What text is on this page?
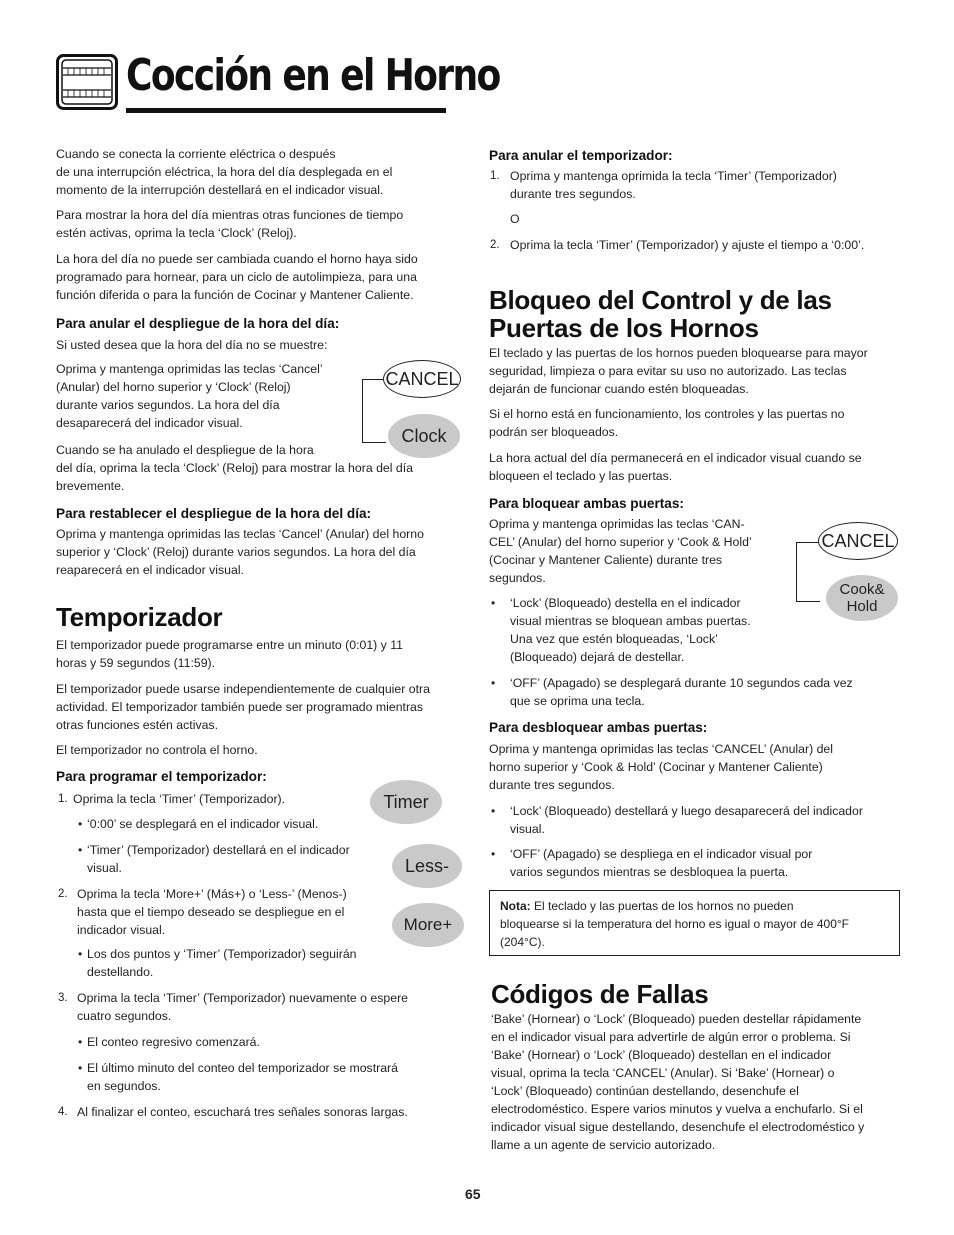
Cocción en el Horno
Cuando se conecta la corriente eléctrica o después
de una interrupción eléctrica, la hora del día desplegada en el
momento de la interrupción destellará en el indicador visual.
Para mostrar la hora del día mientras otras funciones de tiempo
estén activas, oprima la tecla ‘Clock’ (Reloj).
La hora del día no puede ser cambiada cuando el horno haya sido
programado para hornear, para un ciclo de autolimpieza, para una
función diferida o para la función de Cocinar y Mantener Caliente.
Para anular el despliegue de la hora del día:
Si usted desea que la hora del día no se muestre:
Oprima y mantenga oprimidas las teclas ‘Cancel’
(Anular) del horno superior y ‘Clock’ (Reloj)
durante varios segundos. La hora del día
desaparecerá del indicador visual.
Cuando se ha anulado el despliegue de la hora
del día, oprima la tecla ‘Clock’ (Reloj) para mostrar la hora del día
brevemente.
CANCEL
Clock
Para restablecer el despliegue de la hora del día:
Oprima y mantenga oprimidas las teclas ‘Cancel’ (Anular) del horno
superior y ‘Clock’ (Reloj) durante varios segundos. La hora del día
reaparecerá en el indicador visual.
Temporizador
El temporizador puede programarse entre un minuto (0:01) y 11
horas y 59 segundos (11:59).
El temporizador puede usarse independientemente de cualquier otra
actividad. El temporizador también puede ser programado mientras
otras funciones estén activas.
El temporizador no controla el horno.
Para programar el temporizador:
1. Oprima la tecla ‘Timer’ (Temporizador).
• ‘0:00’ se desplegará en el indicador visual.
• ‘Timer’ (Temporizador) destellará en el indicador
visual.
2. Oprima la tecla ‘More+’ (Más+) o ‘Less-’ (Menos-)
hasta que el tiempo deseado se despliegue en el
indicador visual.
• Los dos puntos y ‘Timer’ (Temporizador) seguirán
destellando.
3. Oprima la tecla ‘Timer’ (Temporizador) nuevamente o espere
cuatro segundos.
• El conteo regresivo comenzará.
• El último minuto del conteo del temporizador se mostrará
en segundos.
4. Al finalizar el conteo, escuchará tres señales sonoras largas.
Timer
Less-
More+
Para anular el temporizador:
1. Oprima y mantenga oprimida la tecla ‘Timer’ (Temporizador)
durante tres segundos.
O
2. Oprima la tecla ‘Timer’ (Temporizador) y ajuste el tiempo a ‘0:00’.
Bloqueo del Control y de las
Puertas de los Hornos
El teclado y las puertas de los hornos pueden bloquearse para mayor
seguridad, limpieza o para evitar su uso no autorizado. Las teclas
dejarán de funcionar cuando estén bloqueadas.
Si el horno está en funcionamiento, los controles y las puertas no
podrán ser bloqueados.
La hora actual del día permanecerá en el indicador visual cuando se
bloqueen el teclado y las puertas.
Para bloquear ambas puertas:
Oprima y mantenga oprimidas las teclas ‘CAN-
CEL’ (Anular) del horno superior y ‘Cook & Hold’
(Cocinar y Mantener Caliente) durante tres
segundos.
• ‘Lock’ (Bloqueado) destella en el indicador
visual mientras se bloquean ambas puertas.
Una vez que estén bloqueadas, ‘Lock’
(Bloqueado) dejará de destellar.
• ‘OFF’ (Apagado) se desplegará durante 10 segundos cada vez
que se oprima una tecla.
CANCEL
Cook&
Hold
Para desbloquear ambas puertas:
Oprima y mantenga oprimidas las teclas ‘CANCEL’ (Anular) del
horno superior y ‘Cook & Hold’ (Cocinar y Mantener Caliente)
durante tres segundos.
• ‘Lock’ (Bloqueado) destellará y luego desaparecerá del indicador
visual.
• ‘OFF’ (Apagado) se despliega en el indicador visual por
varios segundos mientras se desbloquea la puerta.
Nota: El teclado y las puertas de los hornos no pueden
bloquearse si la temperatura del horno es igual o mayor de 400°F
(204°C).
Códigos de Fallas
‘Bake’ (Hornear) o ‘Lock’ (Bloqueado) pueden destellar rápidamente
en el indicador visual para advertirle de algún error o problema. Si
‘Bake’ (Hornear) o ‘Lock’ (Bloqueado) destellan en el indicador
visual, oprima la tecla ‘CANCEL’ (Anular). Si ‘Bake’ (Hornear) o
‘Lock’ (Bloqueado) continúan destellando, desenchufe el
electrodoméstico. Espere varios minutos y vuelva a enchufarlo. Si el
indicador visual sigue destellando, desenchufe el electrodoméstico y
llame a un agente de servicio autorizado.
65
